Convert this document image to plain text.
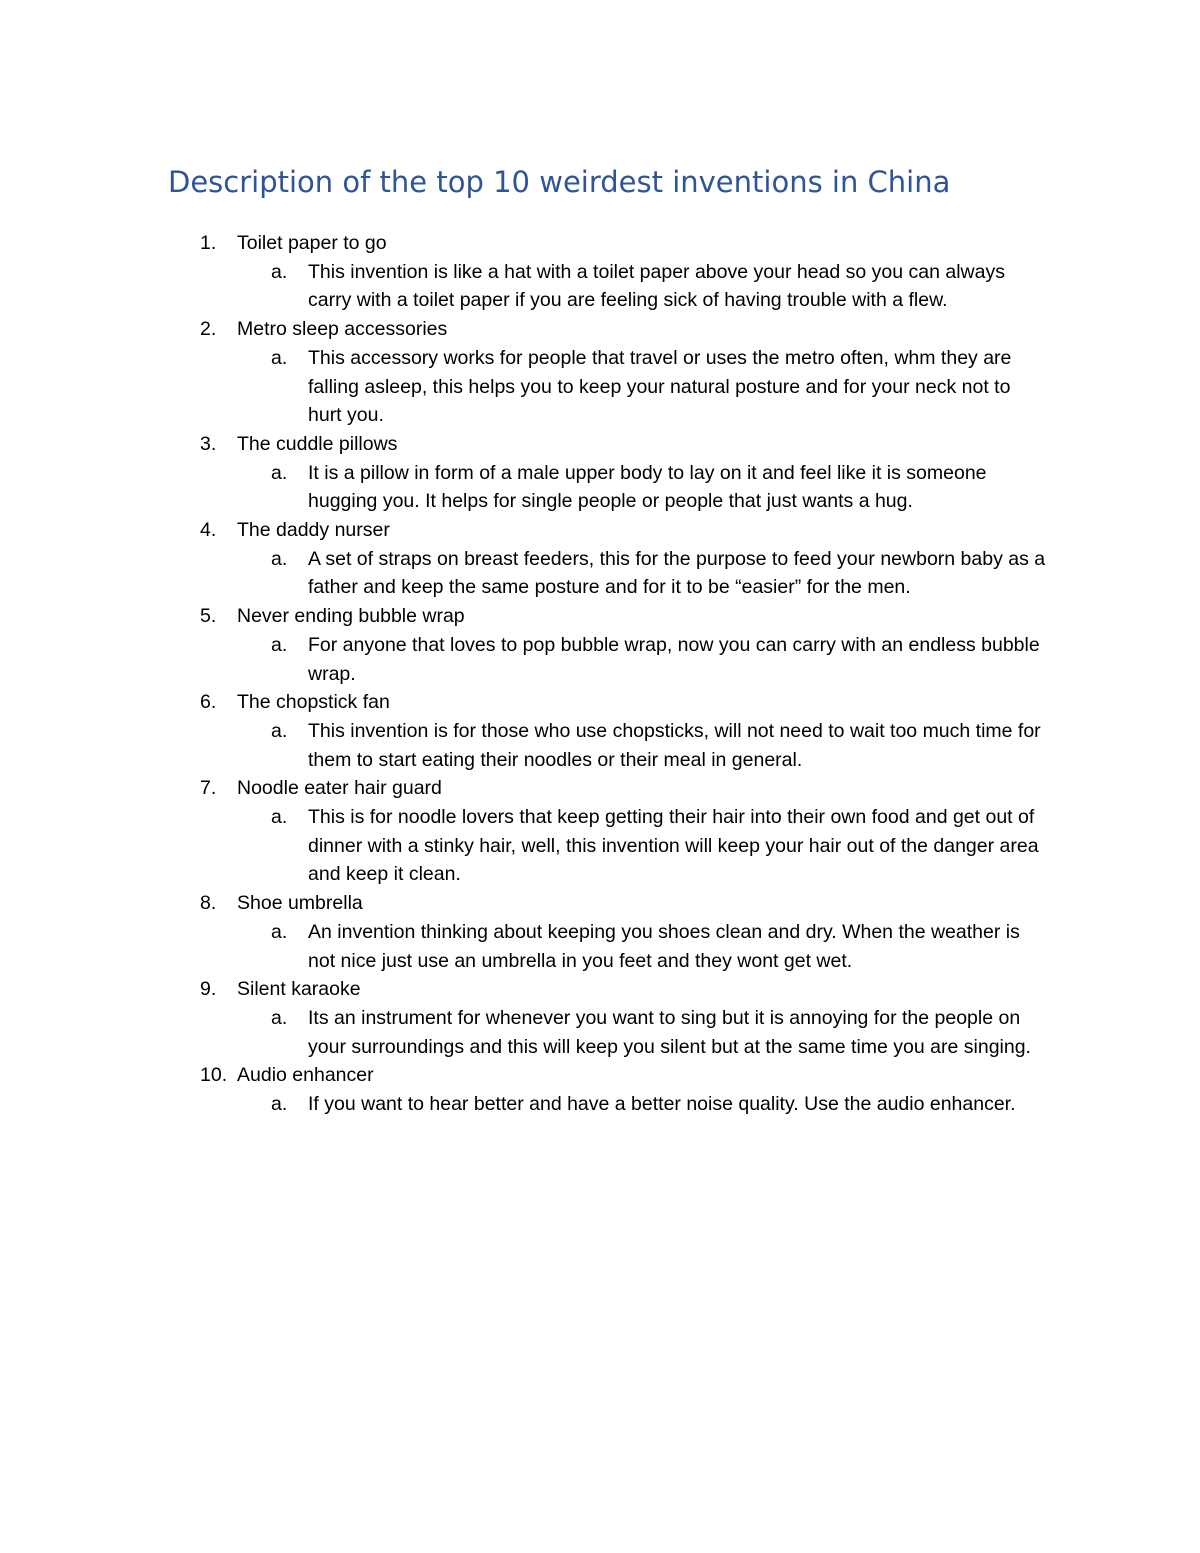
Description of the top 10 weirdest inventions in China
1. Toilet paper to go
a. This invention is like a hat with a toilet paper above your head so you can always carry with a toilet paper if you are feeling sick of having trouble with a flew.
2. Metro sleep accessories
a. This accessory works for people that travel or uses the metro often, whm they are falling asleep, this helps you to keep your natural posture and for your neck not to hurt you.
3. The cuddle pillows
a. It is a pillow in form of a male upper body to lay on it and feel like it is someone hugging you. It helps for single people or people that just wants a hug.
4. The daddy nurser
a. A set of straps on breast feeders, this for the purpose to feed your newborn baby as a father and keep the same posture and for it to be “easier” for the men.
5. Never ending bubble wrap
a. For anyone that loves to pop bubble wrap, now you can carry with an endless bubble wrap.
6. The chopstick fan
a. This invention is for those who use chopsticks, will not need to wait too much time for them to start eating their noodles or their meal in general.
7. Noodle eater hair guard
a. This is for noodle lovers that keep getting their hair into their own food and get out of dinner with a stinky hair, well, this invention will keep your hair out of the danger area and keep it clean.
8. Shoe umbrella
a. An invention thinking about keeping you shoes clean and dry. When the weather is not nice just use an umbrella in you feet and they wont get wet.
9. Silent karaoke
a. Its an instrument for whenever you want to sing but it is annoying for the people on your surroundings and this will keep you silent but at the same time you are singing.
10. Audio enhancer
a. If you want to hear better and have a better noise quality. Use the audio enhancer.
